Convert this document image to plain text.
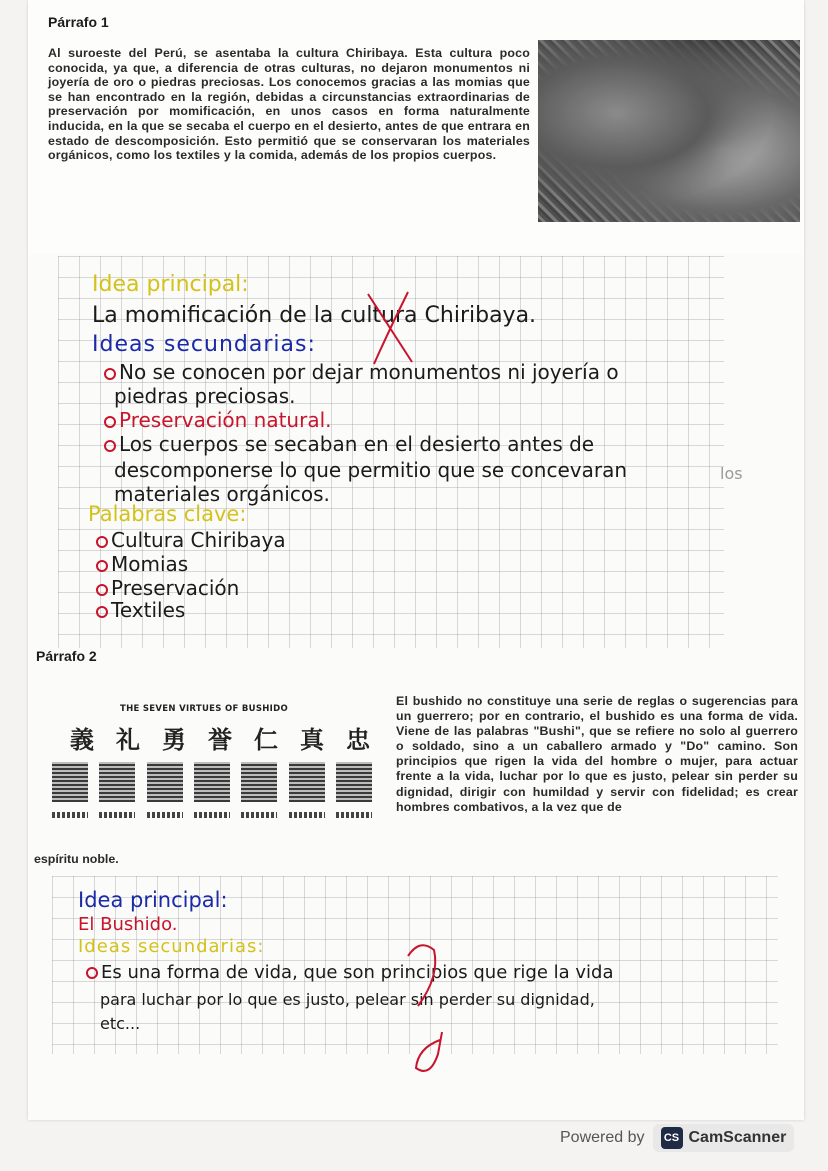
Párrafo 1
Al suroeste del Perú, se asentaba la cultura Chiribaya. Esta cultura poco conocida, ya que, a diferencia de otras culturas, no dejaron monumentos ni joyería de oro o piedras preciosas. Los conocemos gracias a las momias que se han encontrado en la región, debidas a circunstancias extraordinarias de preservación por momificación, en unos casos en forma naturalmente inducida, en la que se secaba el cuerpo en el desierto, antes de que entrara en estado de descomposición. Esto permitió que se conservaran los materiales orgánicos, como los textiles y la comida, además de los propios cuerpos.
Idea principal:
La momificación de la cultura Chiribaya.
Ideas secundarias:
No se conocen por dejar monumentos ni joyería o
piedras preciosas.
Preservación natural.
Los cuerpos se secaban en el desierto antes de
descomponerse lo que permitio que se concevaran	los
materiales orgánicos.
Palabras clave:
Cultura Chiribaya
Momias
Preservación
Textiles
Párrafo 2
THE SEVEN VIRTUES OF BUSHIDO
義 礼 勇 誉 仁 真 忠
El bushido no constituye una serie de reglas o sugerencias para un guerrero; por en contrario, el bushido es una forma de vida. Viene de las palabras "Bushi", que se refiere no solo al guerrero o soldado, sino a un caballero armado y "Do" camino. Son principios que rigen la vida del hombre o mujer, para actuar frente a la vida, luchar por lo que es justo, pelear sin perder su dignidad, dirigir con humildad y servir con fidelidad; es crear hombres combativos, a la vez que de
espíritu noble.
Idea principal:
El Bushido.
Ideas secundarias:
Es una forma de vida, que son principios que rige la vida
para luchar por lo que es justo, pelear sin perder su dignidad,
etc...
Powered by	CS CamScanner
